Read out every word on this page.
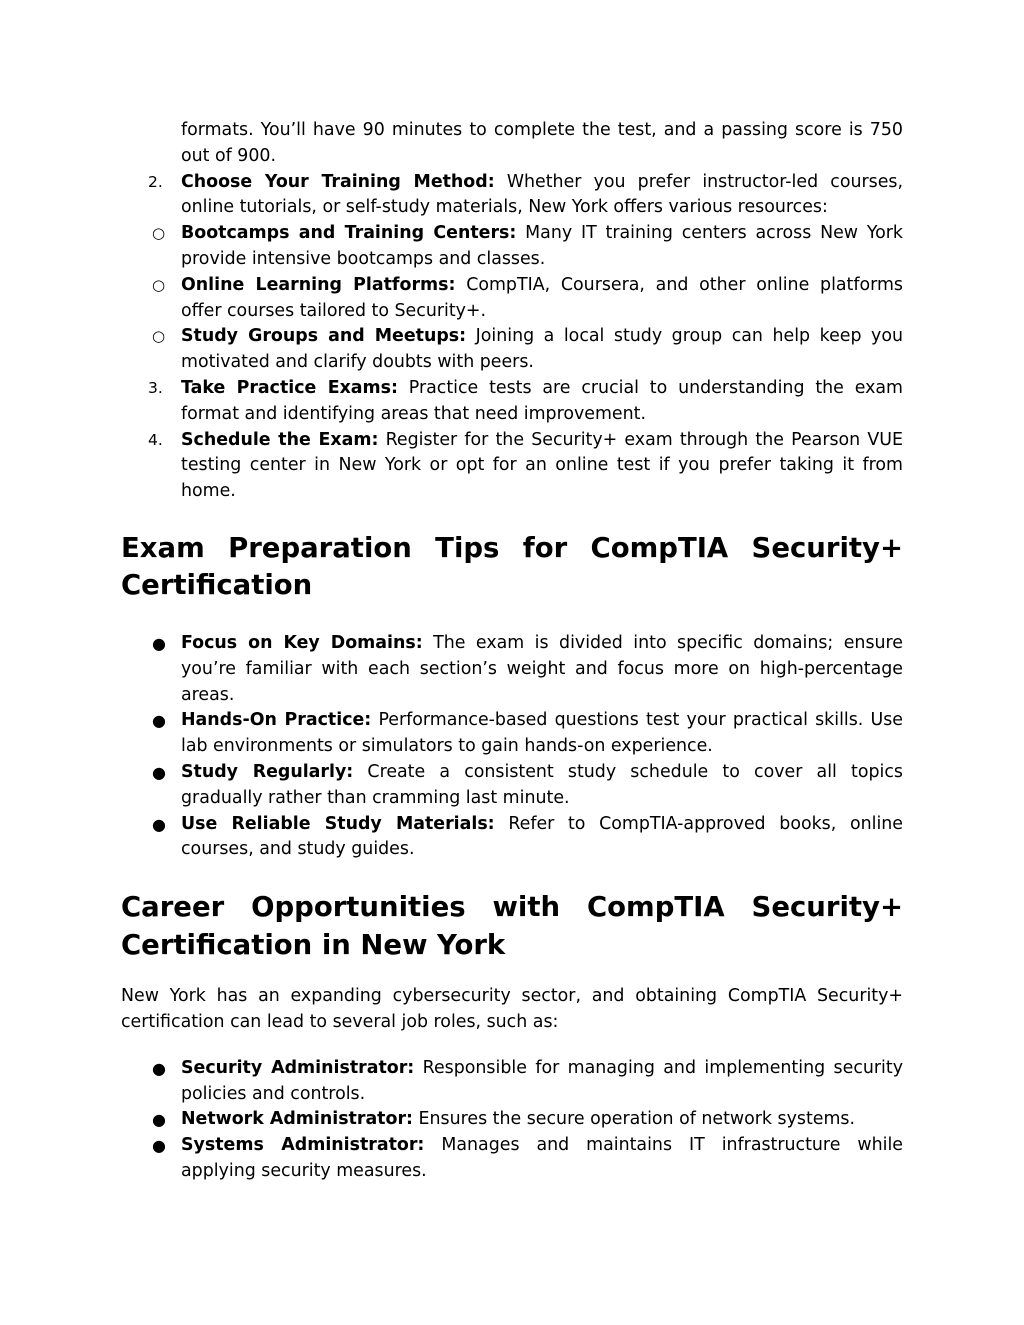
formats. You’ll have 90 minutes to complete the test, and a passing score is 750 out of 900.
2.	Choose Your Training Method: Whether you prefer instructor-led courses, online tutorials, or self-study materials, New York offers various resources:
○ Bootcamps and Training Centers: Many IT training centers across New York provide intensive bootcamps and classes.
○ Online Learning Platforms: CompTIA, Coursera, and other online platforms offer courses tailored to Security+.
○ Study Groups and Meetups: Joining a local study group can help keep you motivated and clarify doubts with peers.
3.	Take Practice Exams: Practice tests are crucial to understanding the exam format and identifying areas that need improvement.
4.	Schedule the Exam: Register for the Security+ exam through the Pearson VUE testing center in New York or opt for an online test if you prefer taking it from home.
Exam Preparation Tips for CompTIA Security+ Certification
● Focus on Key Domains: The exam is divided into specific domains; ensure you’re familiar with each section’s weight and focus more on high-percentage areas.
● Hands-On Practice: Performance-based questions test your practical skills. Use lab environments or simulators to gain hands-on experience.
● Study Regularly: Create a consistent study schedule to cover all topics gradually rather than cramming last minute.
● Use Reliable Study Materials: Refer to CompTIA-approved books, online courses, and study guides.
Career Opportunities with CompTIA Security+ Certification in New York

New York has an expanding cybersecurity sector, and obtaining CompTIA Security+ certification can lead to several job roles, such as:

● Security Administrator: Responsible for managing and implementing security policies and controls.
● Network Administrator: Ensures the secure operation of network systems.
● Systems Administrator: Manages and maintains IT infrastructure while applying security measures.
